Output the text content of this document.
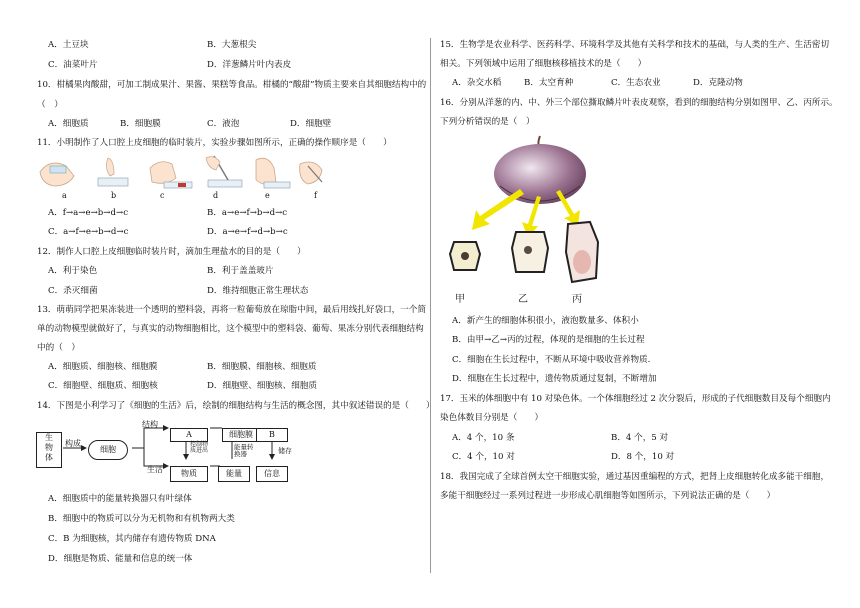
A．土豆块	B．大葱根尖
C．油菜叶片	D．洋葱鳞片叶内表皮
10．柑橘果肉酸甜，可加工制成果汁、果酱、果糕等食品。柑橘的“酸甜”物质主要来自其细胞结构中的
（　）
A．细胞质	B．细胞膜	C．液泡	D．细胞壁
11．小明制作了人口腔上皮细胞的临时装片，实验步骤如图所示，正确的操作顺序是（　　）
a	b	c	d	e	f
A．f→a→e→b→d→c	B．a→e→f→b→d→c
C．a→f→e→b→d→c	D．a→e→f→d→b→c
12．制作人口腔上皮细胞临时装片时，滴加生理盐水的目的是（　　）
A．利于染色	B．利于盖盖玻片
C．杀灭细菌	D．维持细胞正常生理状态
13．萌萌同学把果冻装进一个透明的塑料袋，再将一粒葡萄放在琼脂中间，最后用线扎好袋口，一个简
单的动物模型就做好了，与真实的动物细胞相比，这个模型中的塑料袋、葡萄、果冻分别代表细胞结构
中的（　）
A．细胞质、细胞核、细胞膜	B．细胞膜、细胞核、细胞质
C．细胞壁、细胞质、细胞核	D．细胞壁、细胞核、细胞质
14．下图是小利学习了《细胞的生活》后，绘制的细胞结构与生活的概念图，其中叙述错误的是（　　）
生物体
构成
细胞
结构
生活
A	细胞膜	B
控制物质进出	能量转换器	储存
物质	能量	信息
A．细胞质中的能量转换器只有叶绿体
B．细胞中的物质可以分为无机物和有机物两大类
C．B 为细胞核，其内储存有遗传物质 DNA
D．细胞是物质、能量和信息的统一体
15．生物学是农业科学、医药科学、环境科学及其他有关科学和技术的基础，与人类的生产、生活密切
相关。下列领域中运用了细胞核移植技术的是（　　）
A．杂交水稻	B．太空育种	C．生态农业	D．克隆动物
16．分别从洋葱的内、中、外三个部位撕取鳞片叶表皮观察，看到的细胞结构分别如图甲、乙、丙所示。
下列分析错误的是（　）
甲	乙	丙
A．新产生的细胞体积很小，液泡数量多、体积小
B．由甲→乙→丙的过程，体现的是细胞的生长过程
C．细胞在生长过程中，不断从环境中吸收营养物质.
D．细胞在生长过程中，遗传物质通过复制，不断增加
17．玉米的体细胞中有 10 对染色体。一个体细胞经过 2 次分裂后，形成的子代细胞数目及每个细胞内
染色体数目分别是（　　）
A．4 个，10 条	B．4 个，5 对
C．4 个，10 对	D．8 个，10 对
18．我国完成了全球首例太空干细胞实验，通过基因重编程的方式，把肾上皮细胞转化成多能干细胞，
多能干细胞经过一系列过程进一步形成心肌细胞等如图所示，下列说法正确的是（　　）
